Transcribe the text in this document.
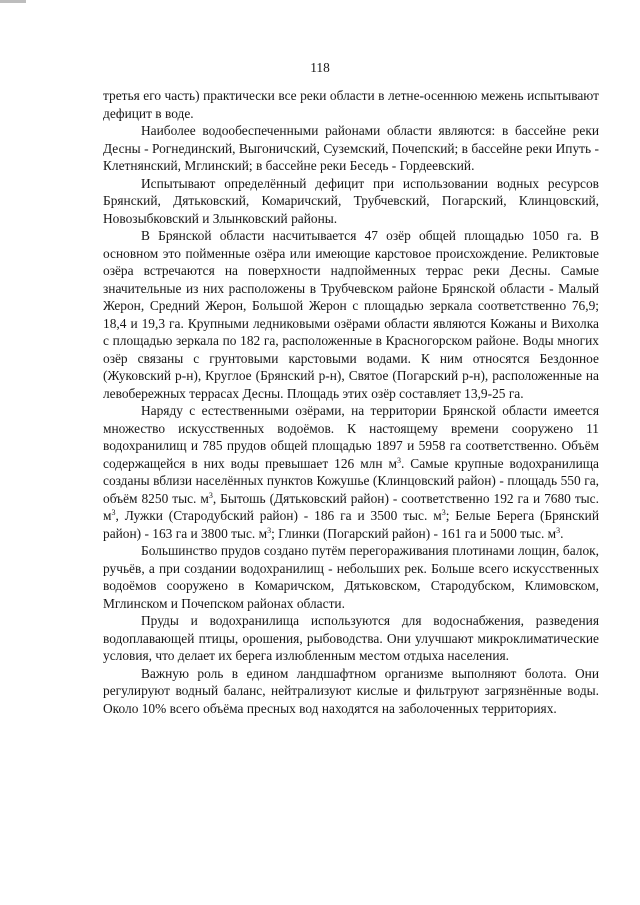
118

третья его часть) практически все реки области в летне-осеннюю межень испытывают дефицит в воде.

Наиболее водообеспеченными районами области являются: в бассейне реки Десны - Рогнединский, Выгоничский, Суземский, Почепский; в бассейне реки Ипуть - Клетнянский, Мглинский; в бассейне реки Беседь - Гордеевский.

Испытывают определённый дефицит при использовании водных ресурсов Брянский, Дятьковский, Комаричский, Трубчевский, Погарский, Клинцовский, Новозыбковский и Злынковский районы.

В Брянской области насчитывается 47 озёр общей площадью 1050 га. В основном это пойменные озёра или имеющие карстовое происхождение. Реликтовые озёра встречаются на поверхности надпойменных террас реки Десны. Самые значительные из них расположены в Трубчевском районе Брянской области - Малый Жерон, Средний Жерон, Большой Жерон с площадью зеркала соответственно 76,9; 18,4 и 19,3 га. Крупными ледниковыми озёрами области являются Кожаны и Вихолка с площадью зеркала по 182 га, расположенные в Красногорском районе. Воды многих озёр связаны с грунтовыми карстовыми водами. К ним относятся Бездонное (Жуковский р-н), Круглое (Брянский р-н), Святое (Погарский р-н), расположенные на левобережных террасах Десны. Площадь этих озёр составляет 13,9-25 га.

Наряду с естественными озёрами, на территории Брянской области имеется множество искусственных водоёмов. К настоящему времени сооружено 11 водохранилищ и 785 прудов общей площадью 1897 и 5958 га соответственно. Объём содержащейся в них воды превышает 126 млн $м^3$. Самые крупные водохранилища созданы вблизи населённых пунктов Кожушье (Клинцовский район) - площадь 550 га, объём 8250 тыс. $м^3$, Бытошь (Дятьковский район) - соответственно 192 га и 7680 тыс. $м^3$, Лужки (Стародубский район) - 186 га и 3500 тыс. $м^3$; Белые Берега (Брянский район) - 163 га и 3800 тыс. $м^3$; Глинки (Погарский район) - 161 га и 5000 тыс. $м^3$.

Большинство прудов создано путём перегораживания плотинами лощин, балок, ручьёв, а при создании водохранилищ - небольших рек. Больше всего искусственных водоёмов сооружено в Комаричском, Дятьковском, Стародубском, Климовском, Мглинском и Почепском районах области.

Пруды и водохранилища используются для водоснабжения, разведения водоплавающей птицы, орошения, рыбоводства. Они улучшают микроклиматические условия, что делает их берега излюбленным местом отдыха населения.

Важную роль в едином ландшафтном организме выполняют болота. Они регулируют водный баланс, нейтрализуют кислые и фильтруют загрязнённые воды. Около 10% всего объёма пресных вод находятся на заболоченных территориях.
